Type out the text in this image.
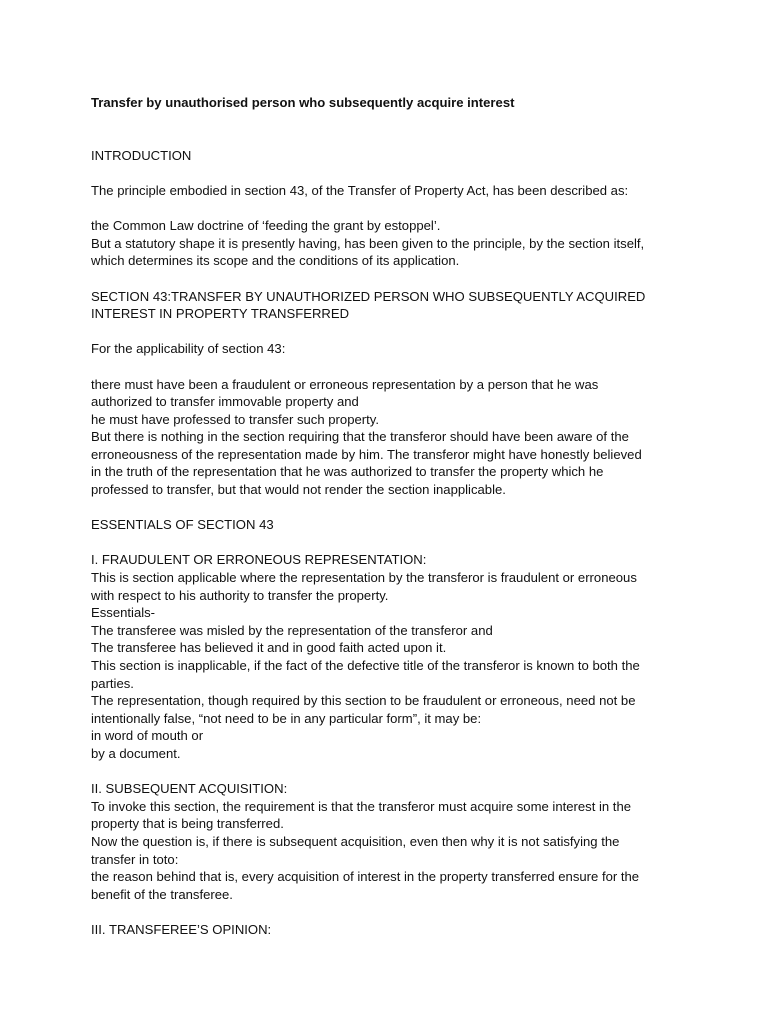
Transfer by unauthorised person who subsequently acquire interest

INTRODUCTION
The principle embodied in section 43, of the Transfer of Property Act, has been described as:
the Common Law doctrine of ‘feeding the grant by estoppel’.
But a statutory shape it is presently having, has been given to the principle, by the section itself,
which determines its scope and the conditions of its application.
SECTION 43:TRANSFER BY UNAUTHORIZED PERSON WHO SUBSEQUENTLY ACQUIRED
INTEREST IN PROPERTY TRANSFERRED
For the applicability of section 43:
there must have been a fraudulent or erroneous representation by a person that he was
authorized to transfer immovable property and
he must have professed to transfer such property.
But there is nothing in the section requiring that the transferor should have been aware of the
erroneousness of the representation made by him. The transferor might have honestly believed
in the truth of the representation that he was authorized to transfer the property which he
professed to transfer, but that would not render the section inapplicable.
ESSENTIALS OF SECTION 43
I. FRAUDULENT OR ERRONEOUS REPRESENTATION:
This is section applicable where the representation by the transferor is fraudulent or erroneous
with respect to his authority to transfer the property.
Essentials-
The transferee was misled by the representation of the transferor and
The transferee has believed it and in good faith acted upon it.
This section is inapplicable, if the fact of the defective title of the transferor is known to both the
parties.
The representation, though required by this section to be fraudulent or erroneous, need not be
intentionally false, “not need to be in any particular form”, it may be:
in word of mouth or
by a document.
II. SUBSEQUENT ACQUISITION:
To invoke this section, the requirement is that the transferor must acquire some interest in the
property that is being transferred.
Now the question is, if there is subsequent acquisition, even then why it is not satisfying the
transfer in toto:
the reason behind that is, every acquisition of interest in the property transferred ensure for the
benefit of the transferee.
III. TRANSFEREE’S OPINION:
